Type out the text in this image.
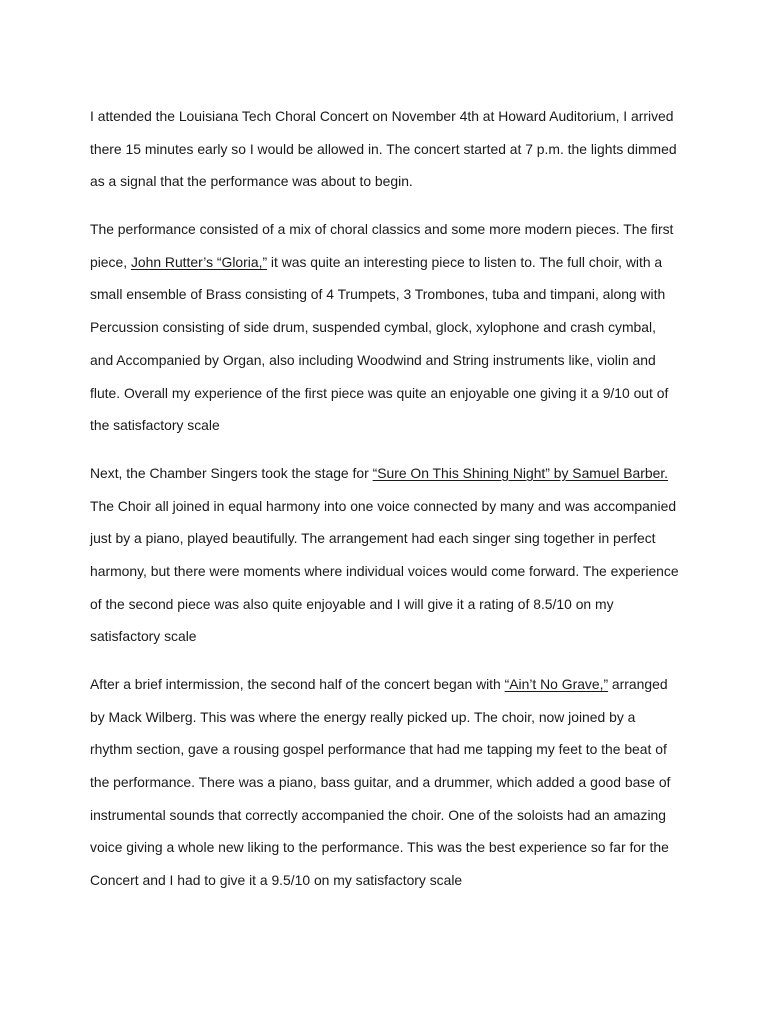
I attended the Louisiana Tech Choral Concert on November 4th at Howard Auditorium, I arrived
there 15 minutes early so I would be allowed in. The concert started at 7 p.m. the lights dimmed
as a signal that the performance was about to begin.
The performance consisted of a mix of choral classics and some more modern pieces. The first
piece, John Rutter’s “Gloria,” it was quite an interesting piece to listen to. The full choir, with a
small ensemble of Brass consisting of 4 Trumpets, 3 Trombones, tuba and timpani, along with
Percussion consisting of side drum, suspended cymbal, glock, xylophone and crash cymbal,
and Accompanied by Organ, also including Woodwind and String instruments like, violin and
flute. Overall my experience of the first piece was quite an enjoyable one giving it a 9/10 out of
the satisfactory scale
Next, the Chamber Singers took the stage for “Sure On This Shining Night” by Samuel Barber.
The Choir all joined in equal harmony into one voice connected by many and was accompanied
just by a piano, played beautifully. The arrangement had each singer sing together in perfect
harmony, but there were moments where individual voices would come forward. The experience
of the second piece was also quite enjoyable and I will give it a rating of 8.5/10 on my
satisfactory scale
After a brief intermission, the second half of the concert began with “Ain’t No Grave,” arranged
by Mack Wilberg. This was where the energy really picked up. The choir, now joined by a
rhythm section, gave a rousing gospel performance that had me tapping my feet to the beat of
the performance. There was a piano, bass guitar, and a drummer, which added a good base of
instrumental sounds that correctly accompanied the choir. One of the soloists had an amazing
voice giving a whole new liking to the performance. This was the best experience so far for the
Concert and I had to give it a 9.5/10 on my satisfactory scale
